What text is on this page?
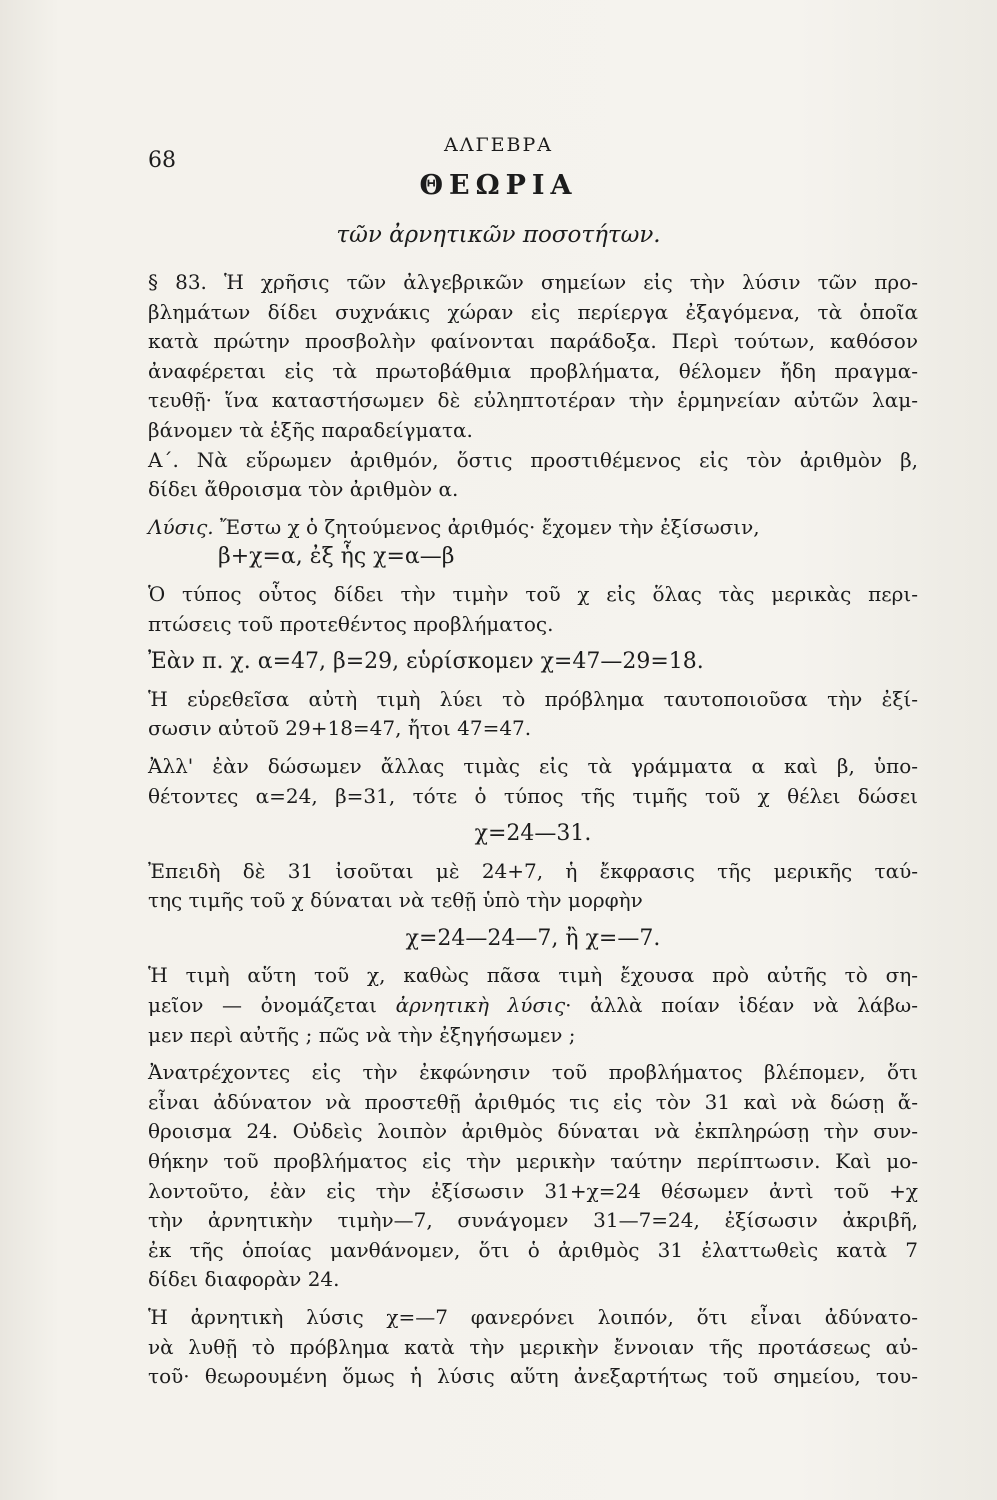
68
ΑΛΓΕΒΡΑ
ΘΕΩΡΙΑ
τῶν ἀρνητικῶν ποσοτήτων.
§ 83. Ἡ χρῆσις τῶν ἀλγεβρικῶν σημείων εἰς τὴν λύσιν τῶν προ-
βλημάτων δίδει συχνάκις χώραν εἰς περίεργα ἐξαγόμενα, τὰ ὁποῖα
κατὰ πρώτην προσβολὴν φαίνονται παράδοξα. Περὶ τούτων, καθόσον
ἀναφέρεται εἰς τὰ πρωτοβάθμια προβλήματα, θέλομεν ἤδη πραγμα-
τευθῇ· ἵνα καταστήσωμεν δὲ εὐληπτοτέραν τὴν ἑρμηνείαν αὐτῶν λαμ-
βάνομεν τὰ ἑξῆς παραδείγματα.
Α΄. Νὰ εὕρωμεν ἀριθμόν, ὅστις προστιθέμενος εἰς τὸν ἀριθμὸν β,
δίδει ἄθροισμα τὸν ἀριθμὸν α.
Λύσις. Ἔστω χ ὁ ζητούμενος ἀριθμός· ἔχομεν τὴν ἐξίσωσιν,
β+χ=α, ἐξ ἧς χ=α—β
Ὁ τύπος οὗτος δίδει τὴν τιμὴν τοῦ χ εἰς ὅλας τὰς μερικὰς περι-
πτώσεις τοῦ προτεθέντος προβλήματος.
Ἐὰν π. χ. α=47, β=29, εὑρίσκομεν χ=47—29=18.
Ἡ εὑρεθεῖσα αὐτὴ τιμὴ λύει τὸ πρόβλημα ταυτοποιοῦσα τὴν ἐξί-
σωσιν αὐτοῦ 29+18=47, ἤτοι 47=47.
Ἀλλ' ἐὰν δώσωμεν ἄλλας τιμὰς εἰς τὰ γράμματα α καὶ β, ὑπο-
θέτοντες α=24, β=31, τότε ὁ τύπος τῆς τιμῆς τοῦ χ θέλει δώσει
χ=24—31.
Ἐπειδὴ δὲ 31 ἰσοῦται μὲ 24+7, ἡ ἔκφρασις τῆς μερικῆς ταύ-
της τιμῆς τοῦ χ δύναται νὰ τεθῇ ὑπὸ τὴν μορφὴν
χ=24—24—7, ἢ χ=—7.
Ἡ τιμὴ αὕτη τοῦ χ, καθὼς πᾶσα τιμὴ ἔχουσα πρὸ αὐτῆς τὸ ση-
μεῖον — ὀνομάζεται ἀρνητικὴ λύσις· ἀλλὰ ποίαν ἰδέαν νὰ λάβω-
μεν περὶ αὐτῆς ; πῶς νὰ τὴν ἐξηγήσωμεν ;
Ἀνατρέχοντες εἰς τὴν ἐκφώνησιν τοῦ προβλήματος βλέπομεν, ὅτι
εἶναι ἀδύνατον νὰ προστεθῇ ἀριθμός τις εἰς τὸν 31 καὶ νὰ δώσῃ ἄ-
θροισμα 24. Οὐδεὶς λοιπὸν ἀριθμὸς δύναται νὰ ἐκπληρώσῃ τὴν συν-
θήκην τοῦ προβλήματος εἰς τὴν μερικὴν ταύτην περίπτωσιν. Καὶ μο-
λοντοῦτο, ἐὰν εἰς τὴν ἐξίσωσιν 31+χ=24 θέσωμεν ἀντὶ τοῦ +χ
τὴν ἀρνητικὴν τιμὴν—7, συνάγομεν 31—7=24, ἐξίσωσιν ἀκριβῆ,
ἐκ τῆς ὁποίας μανθάνομεν, ὅτι ὁ ἀριθμὸς 31 ἐλαττωθεὶς κατὰ 7
δίδει διαφορὰν 24.
Ἡ ἀρνητικὴ λύσις χ=—7 φανερόνει λοιπόν, ὅτι εἶναι ἀδύνατο-
νὰ λυθῇ τὸ πρόβλημα κατὰ τὴν μερικὴν ἔννοιαν τῆς προτάσεως αὐ-
τοῦ· θεωρουμένη ὅμως ἡ λύσις αὕτη ἀνεξαρτήτως τοῦ σημείου, του-
